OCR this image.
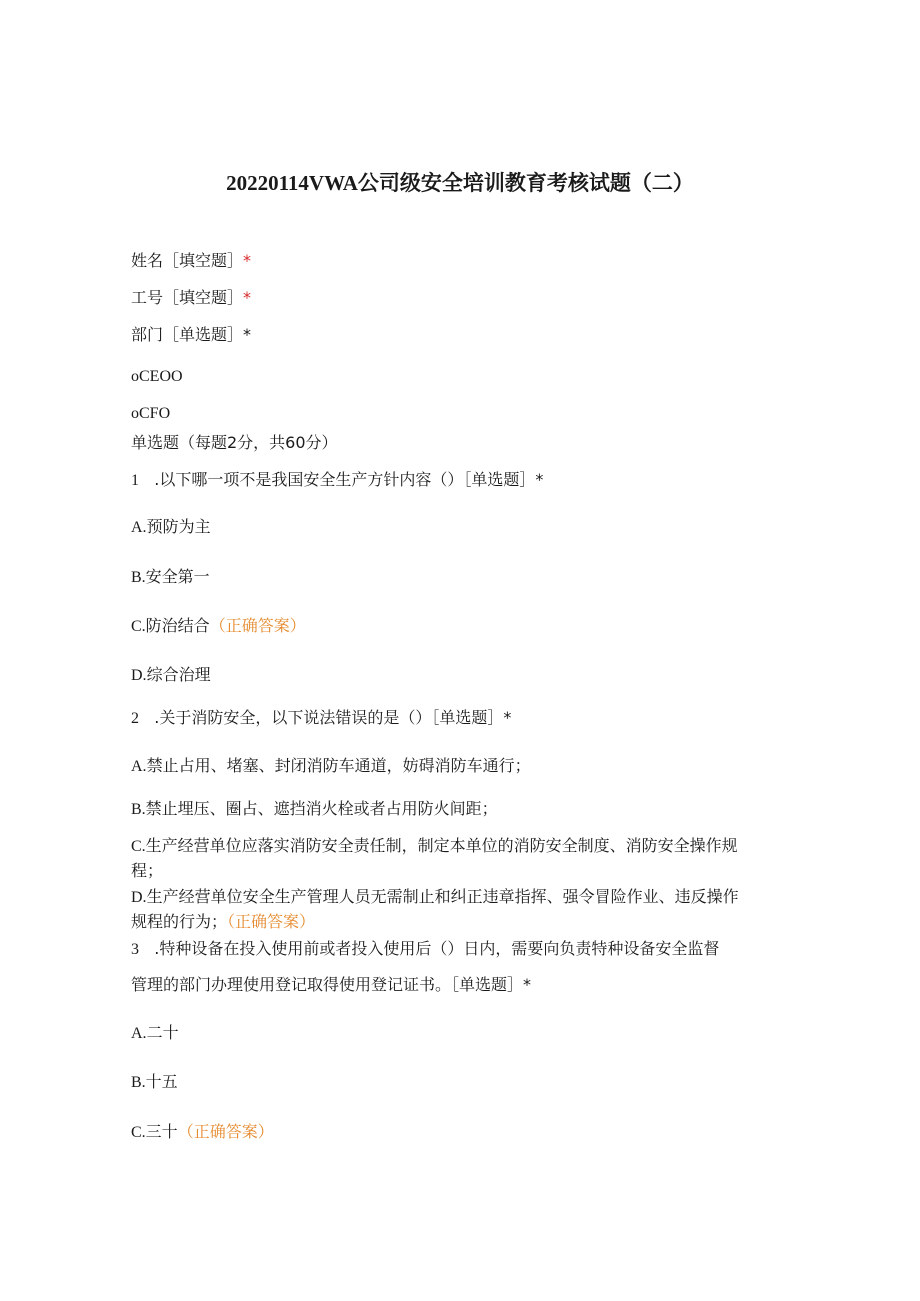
20220114VWA公司级安全培训教育考核试题（二）
姓名［填空题］*
工号［填空题］*
部门［单选题］*
oCEOO
oCFO
单选题（每题2分，共60分）
1 .以下哪一项不是我国安全生产方针内容（）［单选题］*
A.预防为主
B.安全第一
C.防治结合（正确答案）
D.综合治理
2 .关于消防安全，以下说法错误的是（）［单选题］*
A.禁止占用、堵塞、封闭消防车通道，妨碍消防车通行；
B.禁止埋压、圈占、遮挡消火栓或者占用防火间距；
C.生产经营单位应落实消防安全责任制，制定本单位的消防安全制度、消防安全操作规
程；
D.生产经营单位安全生产管理人员无需制止和纠正违章指挥、强令冒险作业、违反操作
规程的行为；（正确答案）
3 .特种设备在投入使用前或者投入使用后（）日内，需要向负责特种设备安全监督
管理的部门办理使用登记取得使用登记证书。［单选题］*
A.二十
B.十五
C.三十（正确答案）
